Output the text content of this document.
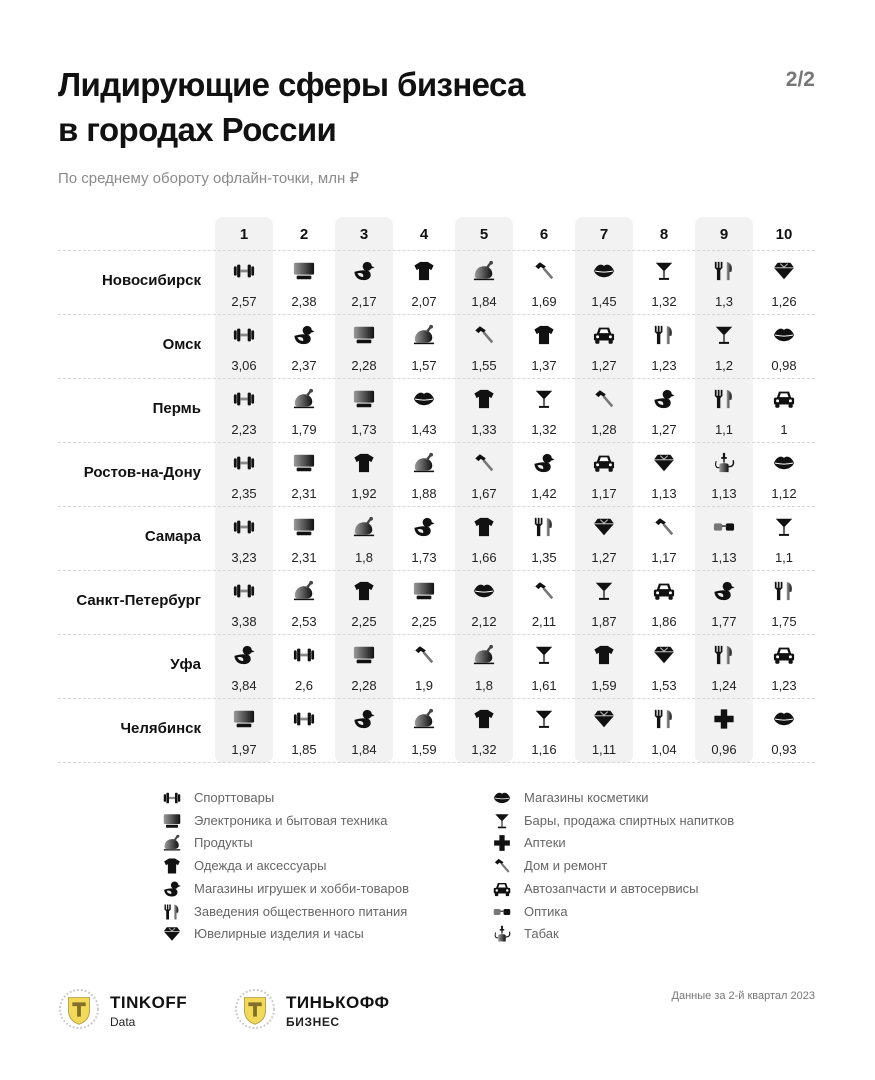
Лидирующие сферы бизнеса
в городах России
2/2
По среднему обороту офлайн-точки, млн ₽
1	2	3	4	5	6	7	8	9	10
Новосибирск
2,57	2,38	2,17	2,07	1,84	1,69	1,45	1,32	1,3	1,26
Омск
3,06	2,37	2,28	1,57	1,55	1,37	1,27	1,23	1,2	0,98
Пермь
2,23	1,79	1,73	1,43	1,33	1,32	1,28	1,27	1,1	1
Ростов-на-Дону
2,35	2,31	1,92	1,88	1,67	1,42	1,17	1,13	1,13	1,12
Самара
3,23	2,31	1,8	1,73	1,66	1,35	1,27	1,17	1,13	1,1
Санкт-Петербург
3,38	2,53	2,25	2,25	2,12	2,11	1,87	1,86	1,77	1,75
Уфа
3,84	2,6	2,28	1,9	1,8	1,61	1,59	1,53	1,24	1,23
Челябинск
1,97	1,85	1,84	1,59	1,32	1,16	1,11	1,04	0,96	0,93
Спорттовары
Электроника и бытовая техника
Продукты
Одежда и аксессуары
Магазины игрушек и хобби-товаров
Заведения общественного питания
Ювелирные изделия и часы
Магазины косметики
Бары, продажа спиртных напитков
Аптеки
Дом и ремонт
Автозапчасти и автосервисы
Оптика
Табак
TINKOFF
Data
ТИНЬКОФФ
БИЗНЕС
Данные за 2-й квартал 2023
